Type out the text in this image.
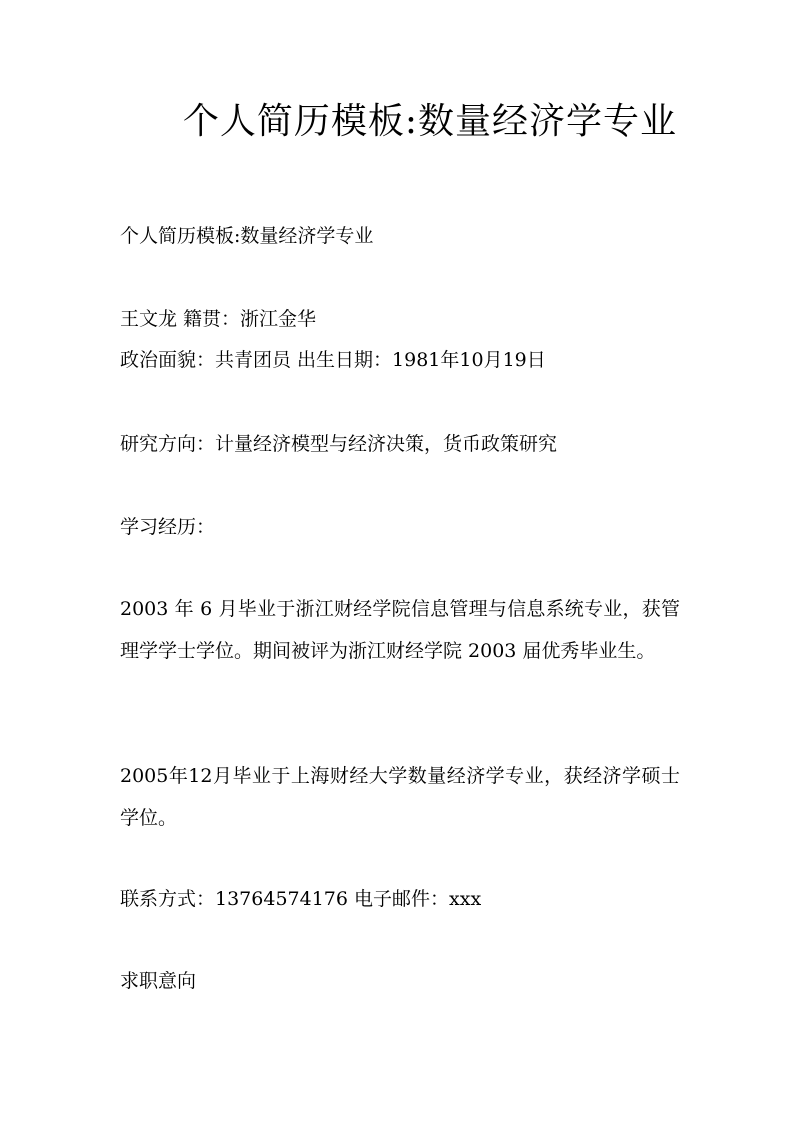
个人简历模板:数量经济学专业

个人简历模板:数量经济学专业

王文龙 籍贯：浙江金华

政治面貌：共青团员 出生日期：1981年10月19日

研究方向：计量经济模型与经济决策，货币政策研究

学习经历：

2003 年 6 月毕业于浙江财经学院信息管理与信息系统专业，获管理学学士学位。期间被评为浙江财经学院 2003 届优秀毕业生。

2005年12月毕业于上海财经大学数量经济学专业，获经济学硕士学位。

联系方式：13764574176 电子邮件：xxx

求职意向
